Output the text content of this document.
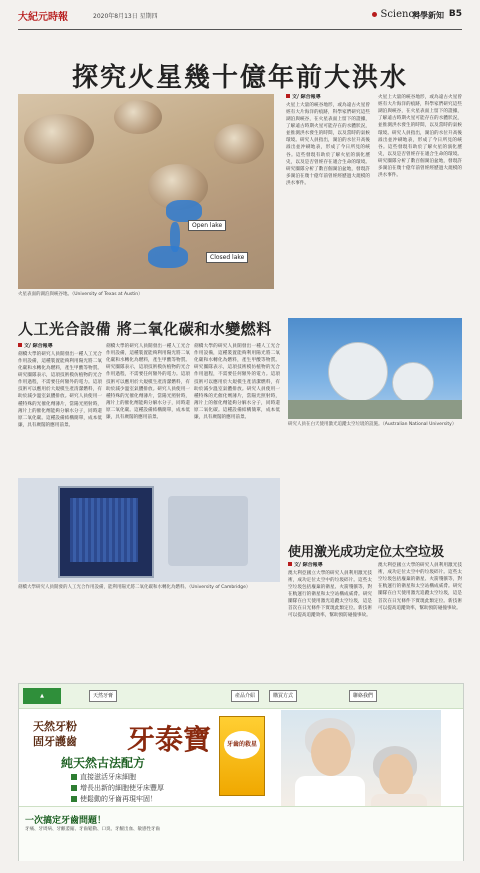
大紀元時報	2020年8月13日 星期四	Science
科學新知 B5
探究火星幾十億年前大洪水
Open lake
Closed lake
火星表面的湖泊與峽谷地。（University of Texas at Austin）
文/ 綜合報導
火星上大量的峽谷地形，或為遠古火星曾經有大片海洋的痕跡，科學家們研究這些湖泊與峽谷，在火星表面上留下的證據，了解遠古時期火星可能存在的水體狀況，並推測洪水發生的時間，以及當時的氣候環境。研究人員指出，湖泊的水位升高後溢出並沖刷地表，形成了今日所見的峽谷。這些發現有助於了解火星的演化歷史，以及是否曾經存在適合生命的環境。研究團隊分析了數百個湖泊盆地，發現許多湖泊在幾十億年前曾經經歷過大規模的洪水事件。
火星上大量的峽谷地形，或為遠古火星曾經有大片海洋的痕跡，科學家們研究這些湖泊與峽谷，在火星表面上留下的證據，了解遠古時期火星可能存在的水體狀況，並推測洪水發生的時間，以及當時的氣候環境。研究人員指出，湖泊的水位升高後溢出並沖刷地表，形成了今日所見的峽谷。這些發現有助於了解火星的演化歷史，以及是否曾經存在適合生命的環境。研究團隊分析了數百個湖泊盆地，發現許多湖泊在幾十億年前曾經經歷過大規模的洪水事件。
人工光合設備 將二氧化碳和水變燃料
文/ 綜合報導
劍橋大學的研究人員開發出一種人工光合作用設備，這種裝置能夠利用陽光將二氧化碳和水轉化為燃料，產生甲酸等物質。研究團隊表示，這項技術模仿植物的光合作用過程，不需要任何額外的電力。這項技術可以應用於大規模生產清潔燃料，有助於減少溫室氣體排放。研究人員使用一種特殊的光催化劑薄片，當陽光照射時，薄片上的催化劑能夠分解水分子，同時還原二氧化碳。這種設備結構簡單，成本低廉，具有廣闊的應用前景。
劍橋大學的研究人員開發出一種人工光合作用設備，這種裝置能夠利用陽光將二氧化碳和水轉化為燃料，產生甲酸等物質。研究團隊表示，這項技術模仿植物的光合作用過程，不需要任何額外的電力。這項技術可以應用於大規模生產清潔燃料，有助於減少溫室氣體排放。研究人員使用一種特殊的光催化劑薄片，當陽光照射時，薄片上的催化劑能夠分解水分子，同時還原二氧化碳。這種設備結構簡單，成本低廉，具有廣闊的應用前景。
劍橋大學的研究人員開發出一種人工光合作用設備，這種裝置能夠利用陽光將二氧化碳和水轉化為燃料，產生甲酸等物質。研究團隊表示，這項技術模仿植物的光合作用過程，不需要任何額外的電力。這項技術可以應用於大規模生產清潔燃料，有助於減少溫室氣體排放。研究人員使用一種特殊的光催化劑薄片，當陽光照射時，薄片上的催化劑能夠分解水分子，同時還原二氧化碳。這種設備結構簡單，成本低廉，具有廣闊的應用前景。
研究人員在白天使用激光追蹤太空垃圾的設施。（Australian National University）
劍橋大學研究人員開發的人工光合作用設備，能利用陽光將二氧化碳和水轉化為燃料。（University of Cambridge）
使用激光成功定位太空垃圾
文/ 綜合報導
澳大利亞國立大學的研究人員利用激光技術，成功定位太空中的垃圾碎片。這些太空垃圾包括廢棄的衛星、火箭殘骸等，對在軌運行的衛星和太空站構成威脅。研究團隊在白天使用激光追蹤太空垃圾，這是首次在日光條件下實現此類定位。新技術可以提高追蹤效率，幫助預防碰撞事故。
澳大利亞國立大學的研究人員利用激光技術，成功定位太空中的垃圾碎片。這些太空垃圾包括廢棄的衛星、火箭殘骸等，對在軌運行的衛星和太空站構成威脅。研究團隊在白天使用激光追蹤太空垃圾，這是首次在日光條件下實現此類定位。新技術可以提高追蹤效率，幫助預防碰撞事故。
▲	天然牙膏	產品介紹	購買方式	聯絡我們
天然牙粉
固牙護齒 牙泰寶
純天然古法配方
直接滋活牙床細胞
增長出新的細胞使牙床豐厚
使鬆動的牙齒再現牢固！
牙齒的救星
一次搞定牙齒問題！
牙痛、牙周病、牙齦萎縮、牙齒鬆動、口臭、牙齦出血、敏感性牙齒
